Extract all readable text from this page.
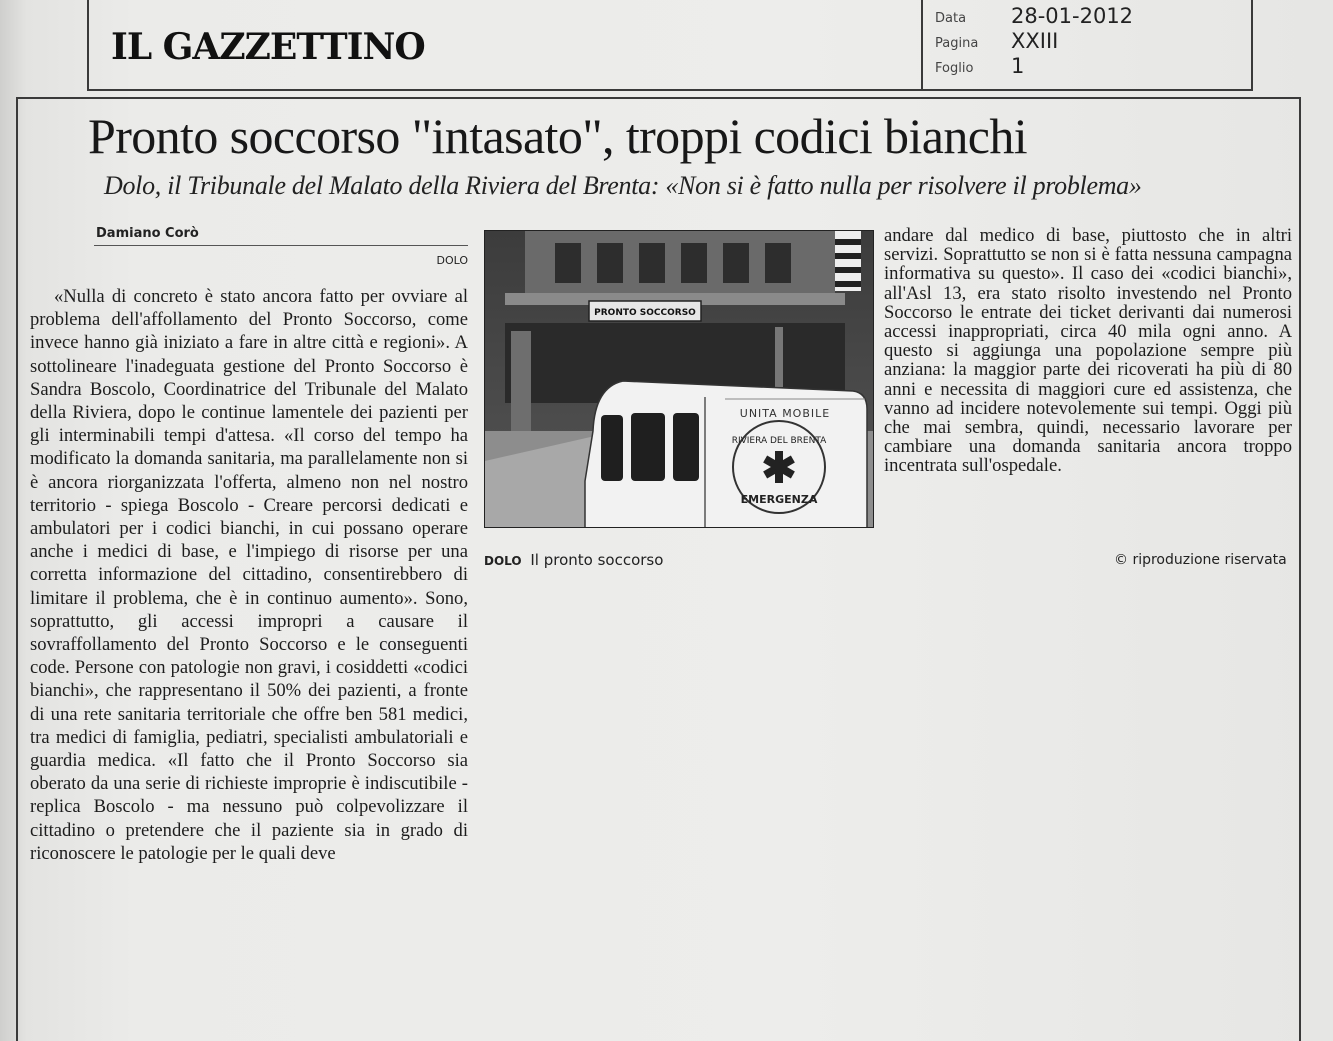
IL GAZZETTINO
Data 28-01-2012
Pagina XXIII
Foglio 1
Pronto soccorso "intasato", troppi codici bianchi
Dolo, il Tribunale del Malato della Riviera del Brenta: «Non si è fatto nulla per risolvere il problema»
Damiano Corò
DOLO

«Nulla di concreto è stato ancora fatto per ovviare al problema dell'affollamento del Pronto Soccorso, come invece hanno già iniziato a fare in altre città e regioni». A sottolineare l'inadeguata gestione del Pronto Soccorso è Sandra Boscolo, Coordinatrice del Tribunale del Malato della Riviera, dopo le continue lamentele dei pazienti per gli interminabili tempi d'attesa. «Il corso del tempo ha modificato la domanda sanitaria, ma parallelamente non si è ancora riorganizzata l'offerta, almeno non nel nostro territorio - spiega Boscolo - Creare percorsi dedicati e ambulatori per i codici bianchi, in cui possano operare anche i medici di base, e l'impiego di risorse per una corretta informazione del cittadino, consentirebbero di limitare il problema, che è in continuo aumento». Sono, soprattutto, gli accessi impropri a causare il sovraffollamento del Pronto Soccorso e le conseguenti code. Persone con patologie non gravi, i cosiddetti «codici bianchi», che rappresentano il 50% dei pazienti, a fronte di una rete sanitaria territoriale che offre ben 581 medici, tra medici di famiglia, pediatri, specialisti ambulatoriali e guardia medica. «Il fatto che il Pronto Soccorso sia oberato da una serie di richieste improprie è indiscutibile - replica Boscolo - ma nessuno può colpevolizzare il cittadino o pretendere che il paziente sia in grado di riconoscere le patologie per le quali deve

PRONTO SOCCORSO
UNITA MOBILE
RIVIERA DEL BRENTA
EMERGENZA
DOLO Il pronto soccorso

andare dal medico di base, piuttosto che in altri servizi. Soprattutto se non si è fatta nessuna campagna informativa su questo». Il caso dei «codici bianchi», all'Asl 13, era stato risolto investendo nel Pronto Soccorso le entrate dei ticket derivanti dai numerosi accessi inappropriati, circa 40 mila ogni anno. A questo si aggiunga una popolazione sempre più anziana: la maggior parte dei ricoverati ha più di 80 anni e necessita di maggiori cure ed assistenza, che vanno ad incidere notevolemente sui tempi. Oggi più che mai sembra, quindi, necessario lavorare per cambiare una domanda sanitaria ancora troppo incentrata sull'ospedale.

© riproduzione riservata
